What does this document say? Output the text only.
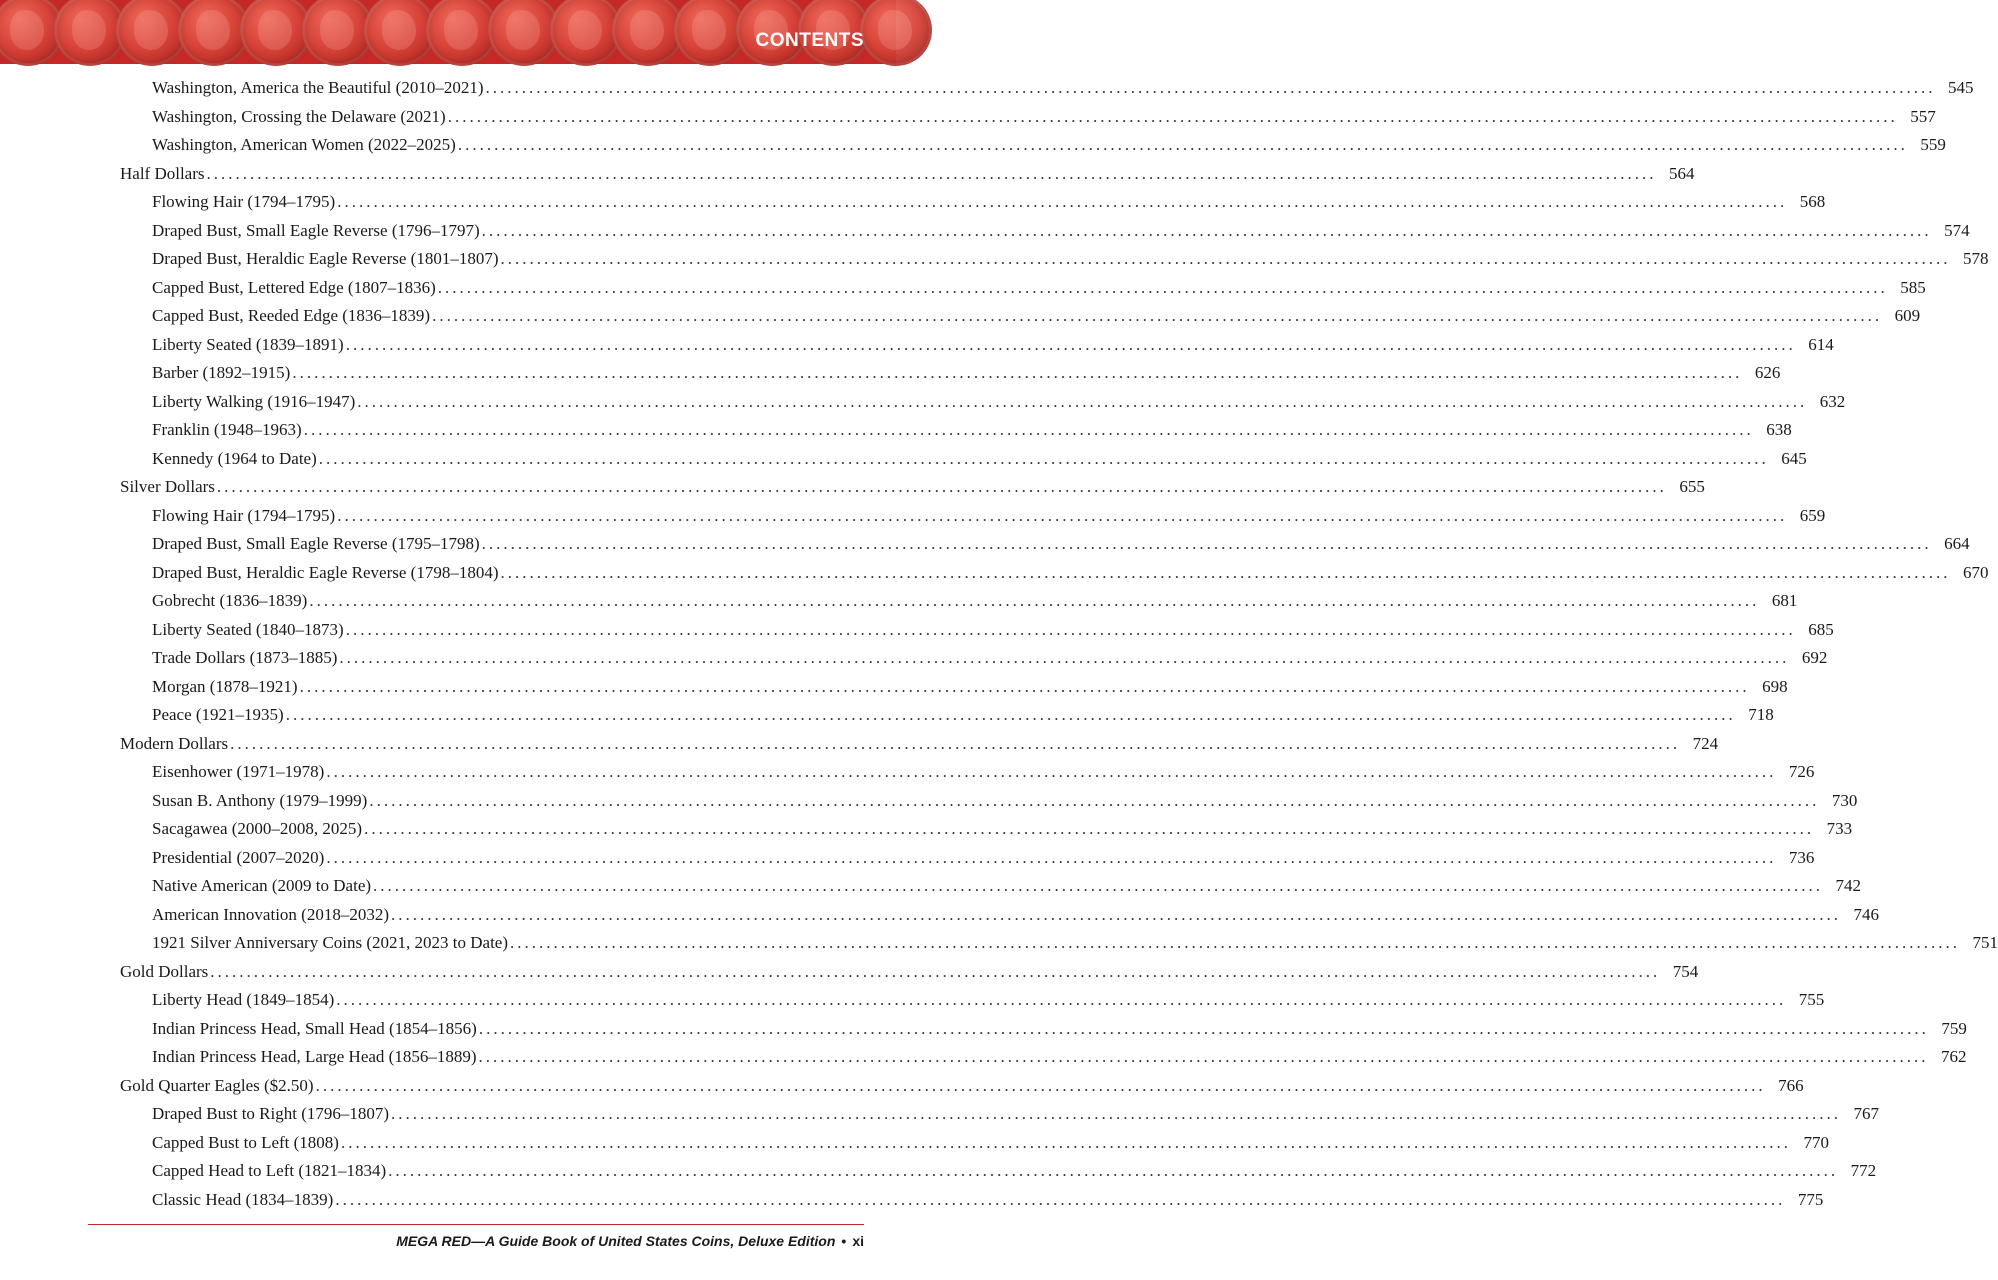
CONTENTS
Washington, America the Beautiful (2010–2021) ........................................................................................................................................................................................................ 545
Washington, Crossing the Delaware (2021) ........................................................................................................................................................................................................ 557
Washington, American Women (2022–2025) ........................................................................................................................................................................................................ 559
Half Dollars ........................................................................................................................................................................................................ 564
Flowing Hair (1794–1795) ........................................................................................................................................................................................................ 568
Draped Bust, Small Eagle Reverse (1796–1797) ........................................................................................................................................................................................................ 574
Draped Bust, Heraldic Eagle Reverse (1801–1807) ........................................................................................................................................................................................................ 578
Capped Bust, Lettered Edge (1807–1836) ........................................................................................................................................................................................................ 585
Capped Bust, Reeded Edge (1836–1839) ........................................................................................................................................................................................................ 609
Liberty Seated (1839–1891) ........................................................................................................................................................................................................ 614
Barber (1892–1915) ........................................................................................................................................................................................................ 626
Liberty Walking (1916–1947) ........................................................................................................................................................................................................ 632
Franklin (1948–1963) ........................................................................................................................................................................................................ 638
Kennedy (1964 to Date) ........................................................................................................................................................................................................ 645
Silver Dollars ........................................................................................................................................................................................................ 655
Flowing Hair (1794–1795) ........................................................................................................................................................................................................ 659
Draped Bust, Small Eagle Reverse (1795–1798) ........................................................................................................................................................................................................ 664
Draped Bust, Heraldic Eagle Reverse (1798–1804) ........................................................................................................................................................................................................ 670
Gobrecht (1836–1839) ........................................................................................................................................................................................................ 681
Liberty Seated (1840–1873) ........................................................................................................................................................................................................ 685
Trade Dollars (1873–1885) ........................................................................................................................................................................................................ 692
Morgan (1878–1921) ........................................................................................................................................................................................................ 698
Peace (1921–1935) ........................................................................................................................................................................................................ 718
Modern Dollars ........................................................................................................................................................................................................ 724
Eisenhower (1971–1978) ........................................................................................................................................................................................................ 726
Susan B. Anthony (1979–1999) ........................................................................................................................................................................................................ 730
Sacagawea (2000–2008, 2025) ........................................................................................................................................................................................................ 733
Presidential (2007–2020) ........................................................................................................................................................................................................ 736
Native American (2009 to Date) ........................................................................................................................................................................................................ 742
American Innovation (2018–2032) ........................................................................................................................................................................................................ 746
1921 Silver Anniversary Coins (2021, 2023 to Date) ........................................................................................................................................................................................................ 751
Gold Dollars ........................................................................................................................................................................................................ 754
Liberty Head (1849–1854) ........................................................................................................................................................................................................ 755
Indian Princess Head, Small Head (1854–1856) ........................................................................................................................................................................................................ 759
Indian Princess Head, Large Head (1856–1889) ........................................................................................................................................................................................................ 762
Gold Quarter Eagles ($2.50) ........................................................................................................................................................................................................ 766
Draped Bust to Right (1796–1807) ........................................................................................................................................................................................................ 767
Capped Bust to Left (1808) ........................................................................................................................................................................................................ 770
Capped Head to Left (1821–1834) ........................................................................................................................................................................................................ 772
Classic Head (1834–1839) ........................................................................................................................................................................................................ 775
MEGA RED—A Guide Book of United States Coins, Deluxe Edition • xi
